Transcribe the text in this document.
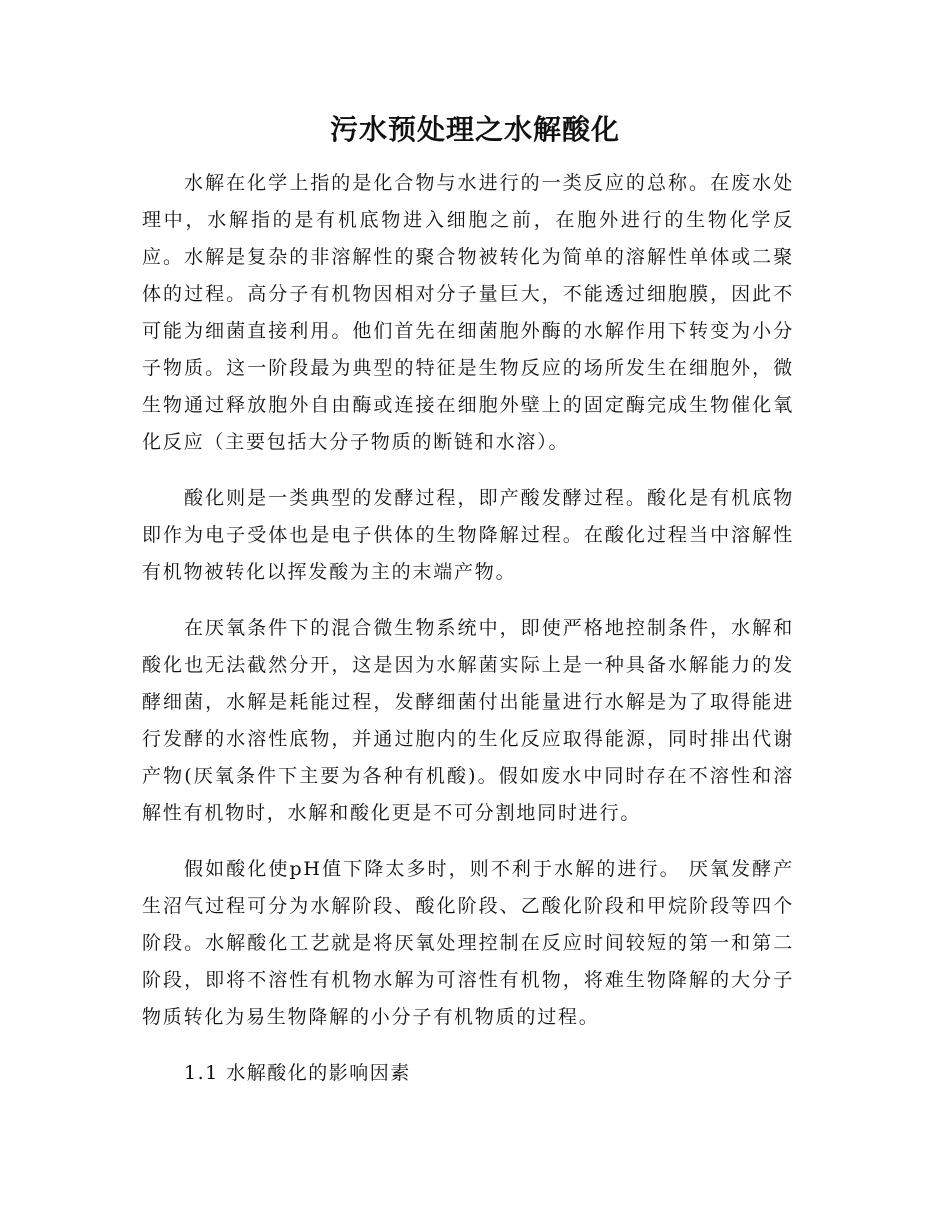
污水预处理之水解酸化

水解在化学上指的是化合物与水进行的一类反应的总称。在废水处理中，水解指的是有机底物进入细胞之前，在胞外进行的生物化学反应。水解是复杂的非溶解性的聚合物被转化为简单的溶解性单体或二聚体的过程。高分子有机物因相对分子量巨大，不能透过细胞膜，因此不可能为细菌直接利用。他们首先在细菌胞外酶的水解作用下转变为小分子物质。这一阶段最为典型的特征是生物反应的场所发生在细胞外，微生物通过释放胞外自由酶或连接在细胞外壁上的固定酶完成生物催化氧化反应（主要包括大分子物质的断链和水溶）。

酸化则是一类典型的发酵过程，即产酸发酵过程。酸化是有机底物即作为电子受体也是电子供体的生物降解过程。在酸化过程当中溶解性有机物被转化以挥发酸为主的末端产物。

在厌氧条件下的混合微生物系统中，即使严格地控制条件，水解和酸化也无法截然分开，这是因为水解菌实际上是一种具备水解能力的发酵细菌，水解是耗能过程，发酵细菌付出能量进行水解是为了取得能进行发酵的水溶性底物，并通过胞内的生化反应取得能源，同时排出代谢产物(厌氧条件下主要为各种有机酸)。假如废水中同时存在不溶性和溶解性有机物时，水解和酸化更是不可分割地同时进行。

假如酸化使pH值下降太多时，则不利于水解的进行。 厌氧发酵产生沼气过程可分为水解阶段、酸化阶段、乙酸化阶段和甲烷阶段等四个阶段。水解酸化工艺就是将厌氧处理控制在反应时间较短的第一和第二阶段，即将不溶性有机物水解为可溶性有机物，将难生物降解的大分子物质转化为易生物降解的小分子有机物质的过程。

1.1 水解酸化的影响因素
